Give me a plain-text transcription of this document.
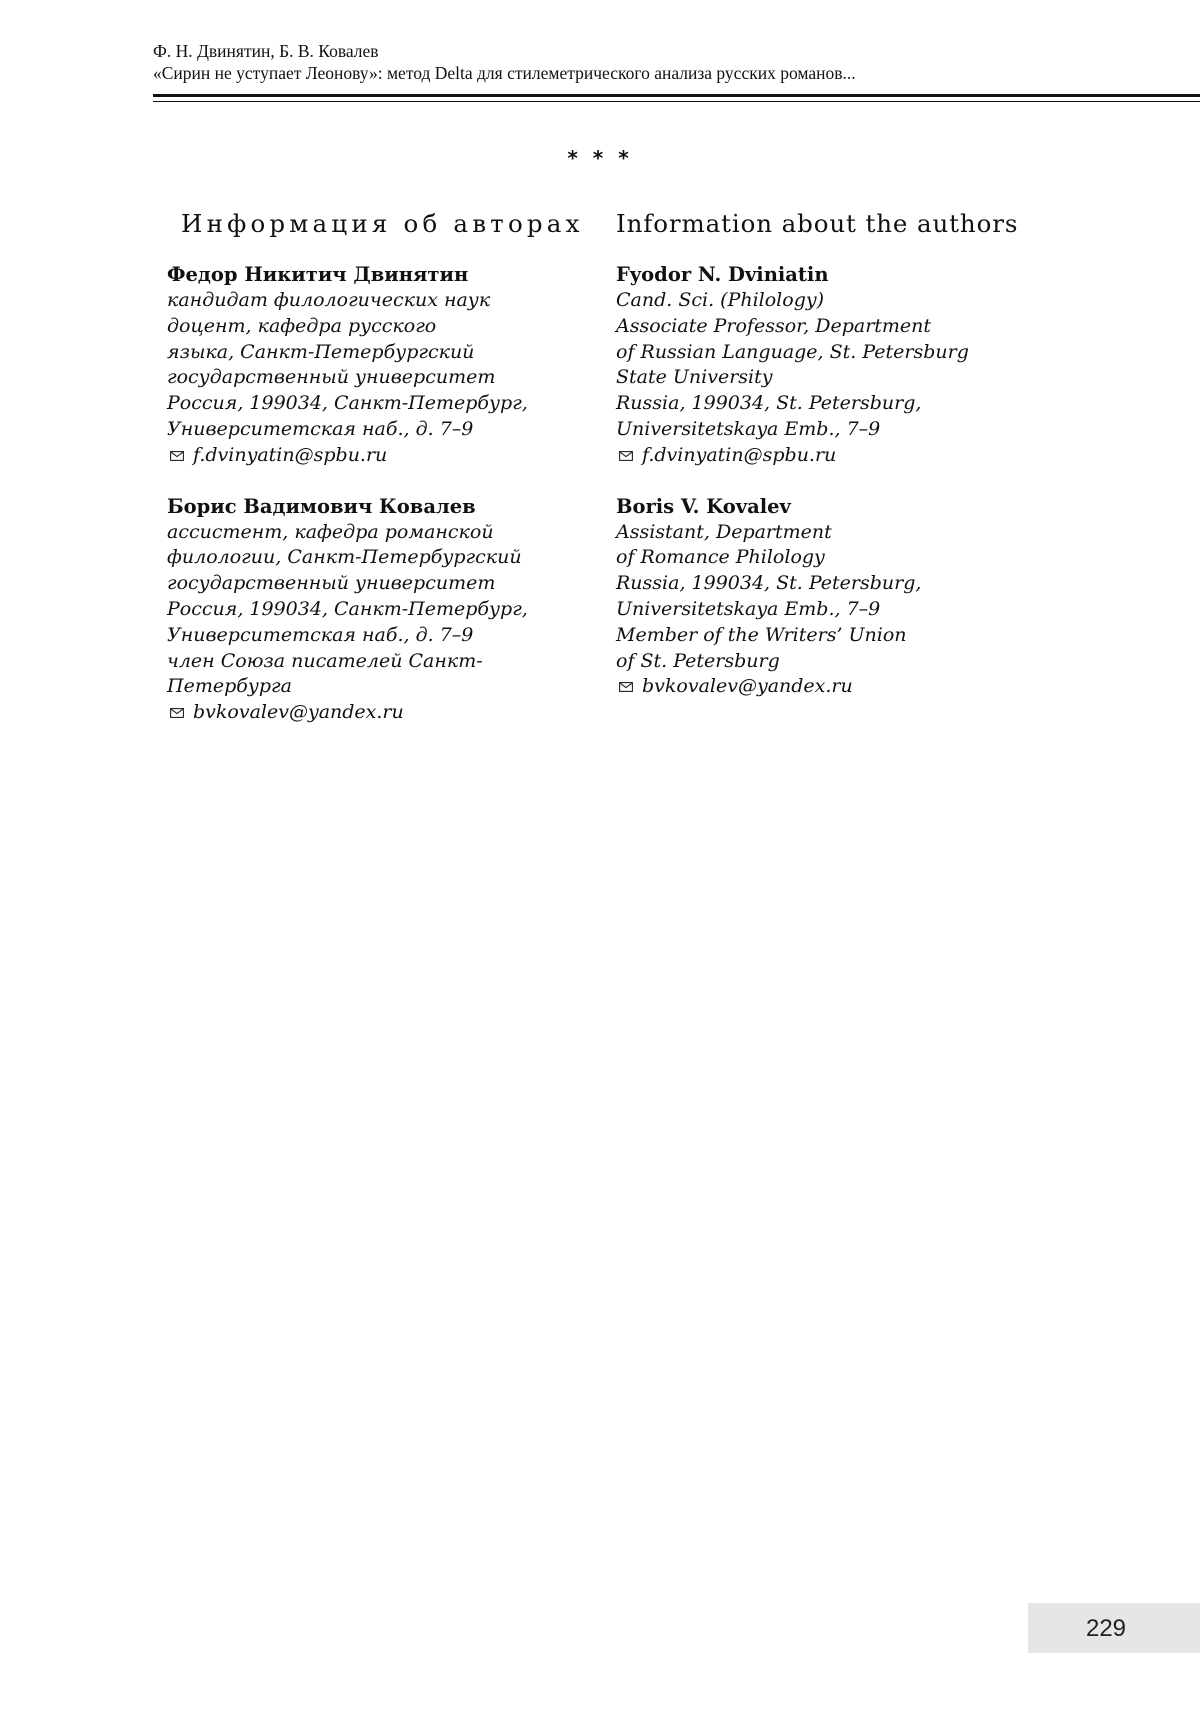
Ф. Н. Двинятин, Б. В. Ковалев
«Сирин не уступает Леонову»: метод Delta для стилеметрического анализа русских романов...
* * *
Информация об авторах
Федор Никитич Двинятин
кандидат филологических наук
доцент, кафедра русского
языка, Санкт-Петербургский
государственный университет
Россия, 199034, Санкт-Петербург,
Университетская наб., д. 7–9
f.dvinyatin@spbu.ru
Борис Вадимович Ковалев
ассистент, кафедра романской
филологии, Санкт-Петербургский
государственный университет
Россия, 199034, Санкт-Петербург,
Университетская наб., д. 7–9
член Союза писателей Санкт-
Петербурга
bvkovalev@yandex.ru
Information about the authors
Fyodor N. Dviniatin
Cand. Sci. (Philology)
Associate Professor, Department
of Russian Language, St. Petersburg
State University
Russia, 199034, St. Petersburg,
Universitetskaya Emb., 7–9
f.dvinyatin@spbu.ru
Boris V. Kovalev
Assistant, Department
of Romance Philology
Russia, 199034, St. Petersburg,
Universitetskaya Emb., 7–9
Member of the Writers’ Union
of St. Petersburg
bvkovalev@yandex.ru
229
